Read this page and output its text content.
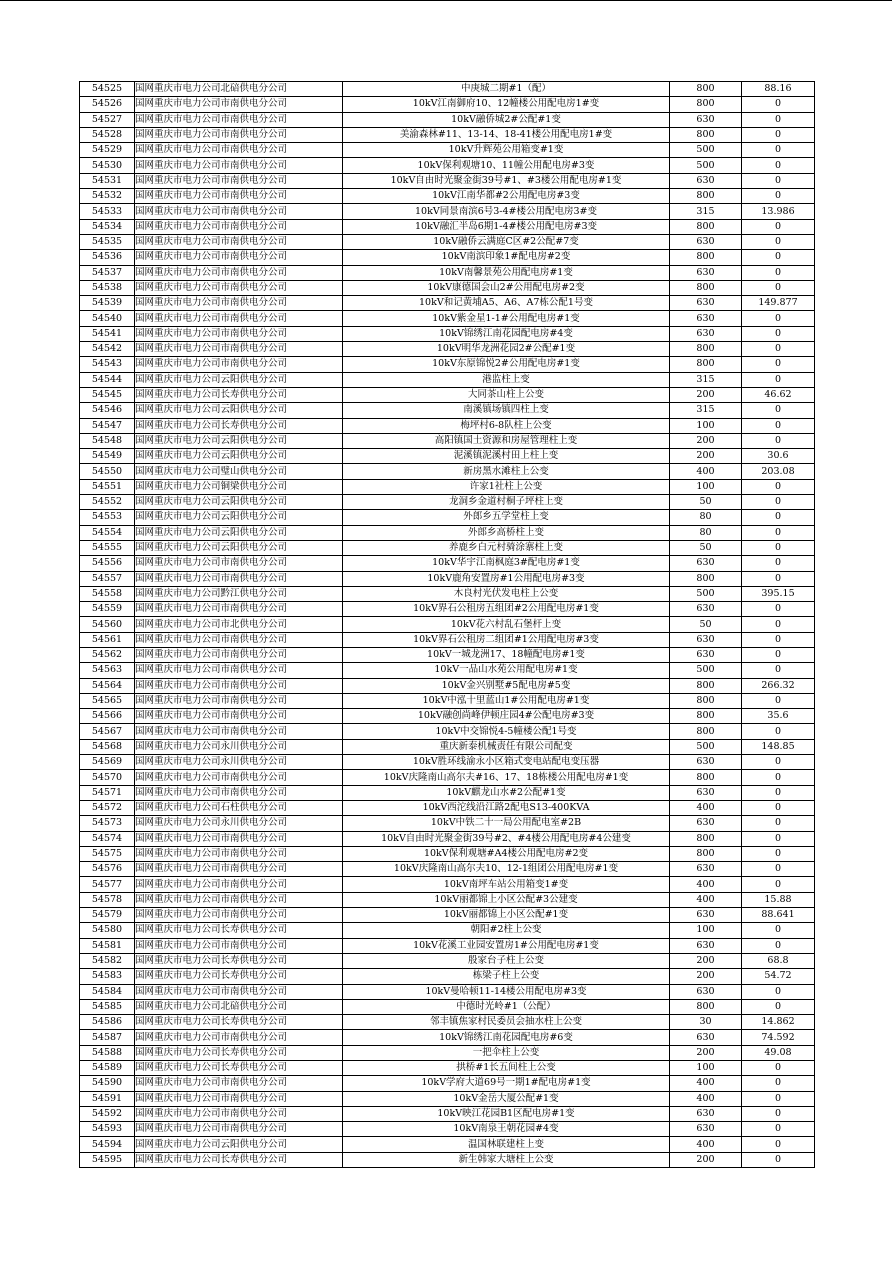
54525	国网重庆市电力公司北碚供电分公司	中庚城二期#1（配）	800	88.16
54526	国网重庆市电力公司市南供电分公司	10kV江南御府10、12幢楼公用配电房1#变	800	0
54527	国网重庆市电力公司市南供电分公司	10kV融侨城2#公配#1变	630	0
54528	国网重庆市电力公司市南供电分公司	美渝森林#11、13-14、18-41楼公用配电房1#变	800	0
54529	国网重庆市电力公司市南供电分公司	10kV升辉苑公用箱变#1变	500	0
54530	国网重庆市电力公司市南供电分公司	10kV保利观塘10、11幢公用配电房#3变	500	0
54531	国网重庆市电力公司市南供电分公司	10kV自由时光聚金街39号#1、#3楼公用配电房#1变	630	0
54532	国网重庆市电力公司市南供电分公司	10kV江南华都#2公用配电房#3变	800	0
54533	国网重庆市电力公司市南供电分公司	10kV同景南滨6号3-4#楼公用配电房3#变	315	13.986
54534	国网重庆市电力公司市南供电分公司	10kV融汇半岛6期1-4#楼公用配电房#3变	800	0
54535	国网重庆市电力公司市南供电分公司	10kV融侨云满庭C区#2公配#7变	630	0
54536	国网重庆市电力公司市南供电分公司	10kV南滨印象1#配电房#2变	800	0
54537	国网重庆市电力公司市南供电分公司	10kV南馨景苑公用配电房#1变	630	0
54538	国网重庆市电力公司市南供电分公司	10kV康德国会山2#公用配电房#2变	800	0
54539	国网重庆市电力公司市南供电分公司	10kV和记黄埔A5、A6、A7栋公配1号变	630	149.877
54540	国网重庆市电力公司市南供电分公司	10kV紫金星1-1#公用配电房#1变	630	0
54541	国网重庆市电力公司市南供电分公司	10kV锦绣江南花园配电房#4变	630	0
54542	国网重庆市电力公司市南供电分公司	10kV明华龙洲花园2#公配#1变	800	0
54543	国网重庆市电力公司市南供电分公司	10kV东原锦悦2#公用配电房#1变	800	0
54544	国网重庆市电力公司云阳供电分公司	港监柱上变	315	0
54545	国网重庆市电力公司长寿供电分公司	大同茶山柱上公变	200	46.62
54546	国网重庆市电力公司云阳供电分公司	南溪镇场镇四柱上变	315	0
54547	国网重庆市电力公司长寿供电分公司	梅坪村6-8队柱上公变	100	0
54548	国网重庆市电力公司云阳供电分公司	高阳镇国土资源和房屋管理柱上变	200	0
54549	国网重庆市电力公司云阳供电分公司	泥溪镇泥溪村田上柱上变	200	30.6
54550	国网重庆市电力公司璧山供电分公司	新房黑水滩柱上公变	400	203.08
54551	国网重庆市电力公司铜梁供电分公司	许家1社柱上公变	100	0
54552	国网重庆市电力公司云阳供电分公司	龙洞乡金道村桐子坪柱上变	50	0
54553	国网重庆市电力公司云阳供电分公司	外郎乡五学堂柱上变	80	0
54554	国网重庆市电力公司云阳供电分公司	外郎乡高桥柱上变	80	0
54555	国网重庆市电力公司云阳供电分公司	养鹿乡白元村骑涂寨柱上变	50	0
54556	国网重庆市电力公司市南供电分公司	10kV华宇江南枫庭3#配电房#1变	630	0
54557	国网重庆市电力公司市南供电分公司	10kV鹿角安置房#1公用配电房#3变	800	0
54558	国网重庆市电力公司黔江供电分公司	木良村光伏发电柱上公变	500	395.15
54559	国网重庆市电力公司市南供电分公司	10kV界石公租房五组团#2公用配电房#1变	630	0
54560	国网重庆市电力公司市北供电分公司	10kV花六村乱石堡杆上变	50	0
54561	国网重庆市电力公司市南供电分公司	10kV界石公租房二组团#1公用配电房#3变	630	0
54562	国网重庆市电力公司市南供电分公司	10kV一城龙洲17、18幢配电房#1变	630	0
54563	国网重庆市电力公司市南供电分公司	10kV一品山水苑公用配电房#1变	500	0
54564	国网重庆市电力公司市南供电分公司	10kV金兴别墅#5配电房#5变	800	266.32
54565	国网重庆市电力公司市南供电分公司	10kV中泓十里蓝山1#公用配电房#1变	800	0
54566	国网重庆市电力公司市南供电分公司	10kV融创尚峰伊顿庄园4#公配电房#3变	800	35.6
54567	国网重庆市电力公司市南供电分公司	10kV中交锦悦4-5幢楼公配1号变	800	0
54568	国网重庆市电力公司永川供电分公司	重庆新泰机械责任有限公司配变	500	148.85
54569	国网重庆市电力公司永川供电分公司	10kV胜环线渝永小区箱式变电站配电变压器	630	0
54570	国网重庆市电力公司市南供电分公司	10kV庆隆南山高尔夫#16、17、18栋楼公用配电房#1变	800	0
54571	国网重庆市电力公司市南供电分公司	10kV麒龙山水#2公配#1变	630	0
54572	国网重庆市电力公司石柱供电分公司	10kV西沱线沿江路2配电S13-400KVA	400	0
54573	国网重庆市电力公司永川供电分公司	10kV中铁二十一局公用配电室#2B	630	0
54574	国网重庆市电力公司市南供电分公司	10kV自由时光聚金街39号#2、#4楼公用配电房#4公建变	800	0
54575	国网重庆市电力公司市南供电分公司	10kV保利观塘#A4楼公用配电房#2变	800	0
54576	国网重庆市电力公司市南供电分公司	10kV庆隆南山高尔夫10、12-1组团公用配电房#1变	630	0
54577	国网重庆市电力公司市南供电分公司	10kV南坪车站公用箱变1#变	400	0
54578	国网重庆市电力公司市南供电分公司	10kV丽都锦上小区公配#3公建变	400	15.88
54579	国网重庆市电力公司市南供电分公司	10kV丽都锦上小区公配#1变	630	88.641
54580	国网重庆市电力公司长寿供电分公司	朝阳#2柱上公变	100	0
54581	国网重庆市电力公司市南供电分公司	10kV花溪工业园安置房1#公用配电房#1变	630	0
54582	国网重庆市电力公司长寿供电分公司	殷家台子柱上公变	200	68.8
54583	国网重庆市电力公司长寿供电分公司	栋梁子柱上公变	200	54.72
54584	国网重庆市电力公司市南供电分公司	10kV曼哈顿11-14楼公用配电房#3变	630	0
54585	国网重庆市电力公司北碚供电分公司	中德时光岭#1（公配）	800	0
54586	国网重庆市电力公司长寿供电分公司	邻丰镇焦家村民委员会抽水柱上公变	30	14.862
54587	国网重庆市电力公司市南供电分公司	10kV锦绣江南花园配电房#6变	630	74.592
54588	国网重庆市电力公司长寿供电分公司	一把伞柱上公变	200	49.08
54589	国网重庆市电力公司长寿供电分公司	拱桥#1长五间柱上公变	100	0
54590	国网重庆市电力公司市南供电分公司	10kV学府大道69号一期1#配电房#1变	400	0
54591	国网重庆市电力公司市南供电分公司	10kV金岳大厦公配#1变	400	0
54592	国网重庆市电力公司市南供电分公司	10kV映江花园B1区配电房#1变	630	0
54593	国网重庆市电力公司市南供电分公司	10kV南泉王朝花园#4变	630	0
54594	国网重庆市电力公司云阳供电分公司	温国林联建柱上变	400	0
54595	国网重庆市电力公司长寿供电分公司	新生韩家大塘柱上公变	200	0
